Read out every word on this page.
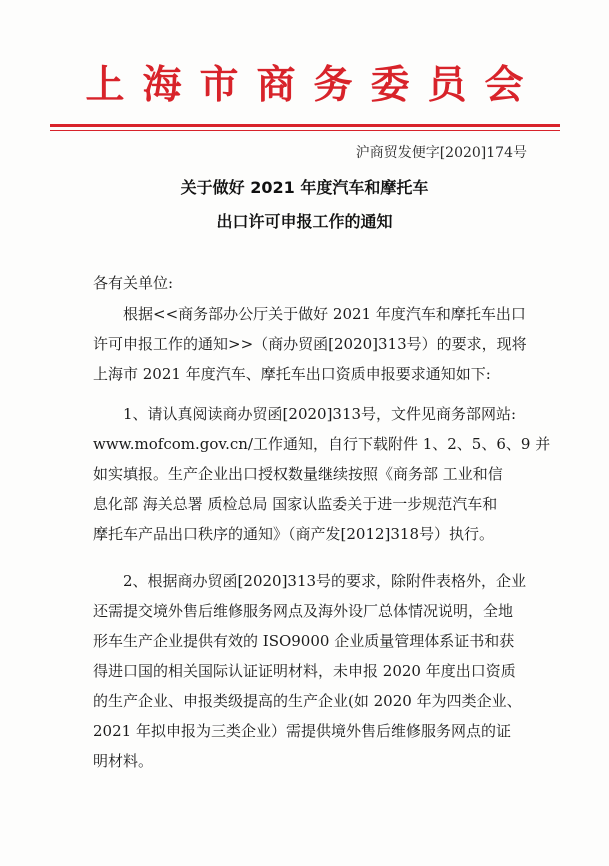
上海市商务委员会
沪商贸发便字[2020]174号
关于做好 2021 年度汽车和摩托车
出口许可申报工作的通知
各有关单位:
根据<<商务部办公厅关于做好 2021 年度汽车和摩托车出口
许可申报工作的通知>>（商办贸函[2020]313号）的要求，现将
上海市 2021 年度汽车、摩托车出口资质申报要求通知如下:
1、请认真阅读商办贸函[2020]313号，文件见商务部网站:
www.mofcom.gov.cn/工作通知，自行下载附件 1、2、5、6、9 并
如实填报。生产企业出口授权数量继续按照《商务部 工业和信
息化部 海关总署 质检总局 国家认监委关于进一步规范汽车和
摩托车产品出口秩序的通知》（商产发[2012]318号）执行。
2、根据商办贸函[2020]313号的要求，除附件表格外，企业
还需提交境外售后维修服务网点及海外设厂总体情况说明，全地
形车生产企业提供有效的 ISO9000 企业质量管理体系证书和获
得进口国的相关国际认证证明材料，未申报 2020 年度出口资质
的生产企业、申报类级提高的生产企业(如 2020 年为四类企业、
2021 年拟申报为三类企业）需提供境外售后维修服务网点的证
明材料。
